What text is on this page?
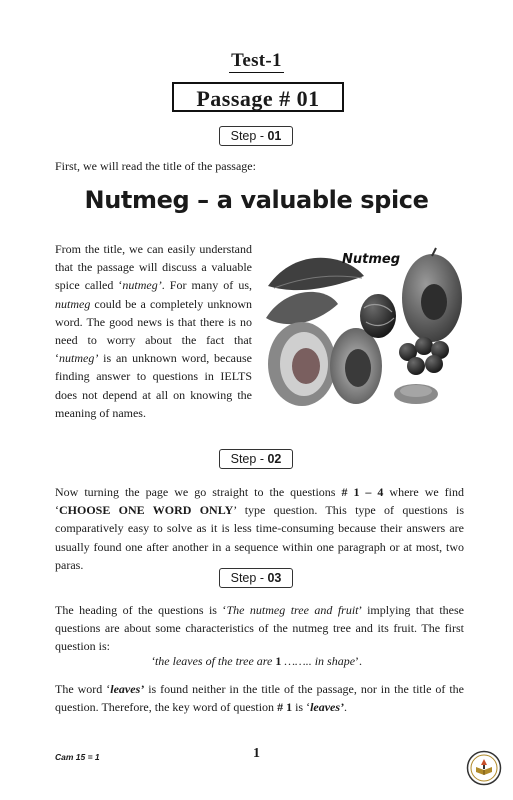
Test-1
Passage # 01
Step - 01
First, we will read the title of the passage:
Nutmeg – a valuable spice
From the title, we can easily understand that the passage will discuss a valuable spice called ‘nutmeg’. For many of us, nutmeg could be a completely unknown word. The good news is that there is no need to worry about the fact that ‘nutmeg’ is an unknown word, because finding answer to questions in IELTS does not depend at all on knowing the meaning of names.
Nutmeg
Step - 02
Now turning the page we go straight to the questions # 1 – 4 where we find ‘CHOOSE ONE WORD ONLY’ type question. This type of questions is comparatively easy to solve as it is less time-consuming because their answers are usually found one after another in a sequence within one paragraph or at most, two paras.
Step - 03
The heading of the questions is ‘The nutmeg tree and fruit’ implying that these questions are about some characteristics of the nutmeg tree and its fruit. The first question is:
‘the leaves of the tree are 1 …….. in shape’.
The word ‘leaves’ is found neither in the title of the passage, nor in the title of the question. Therefore, the key word of question # 1 is ‘leaves’.
Cam 15 = 1	1
